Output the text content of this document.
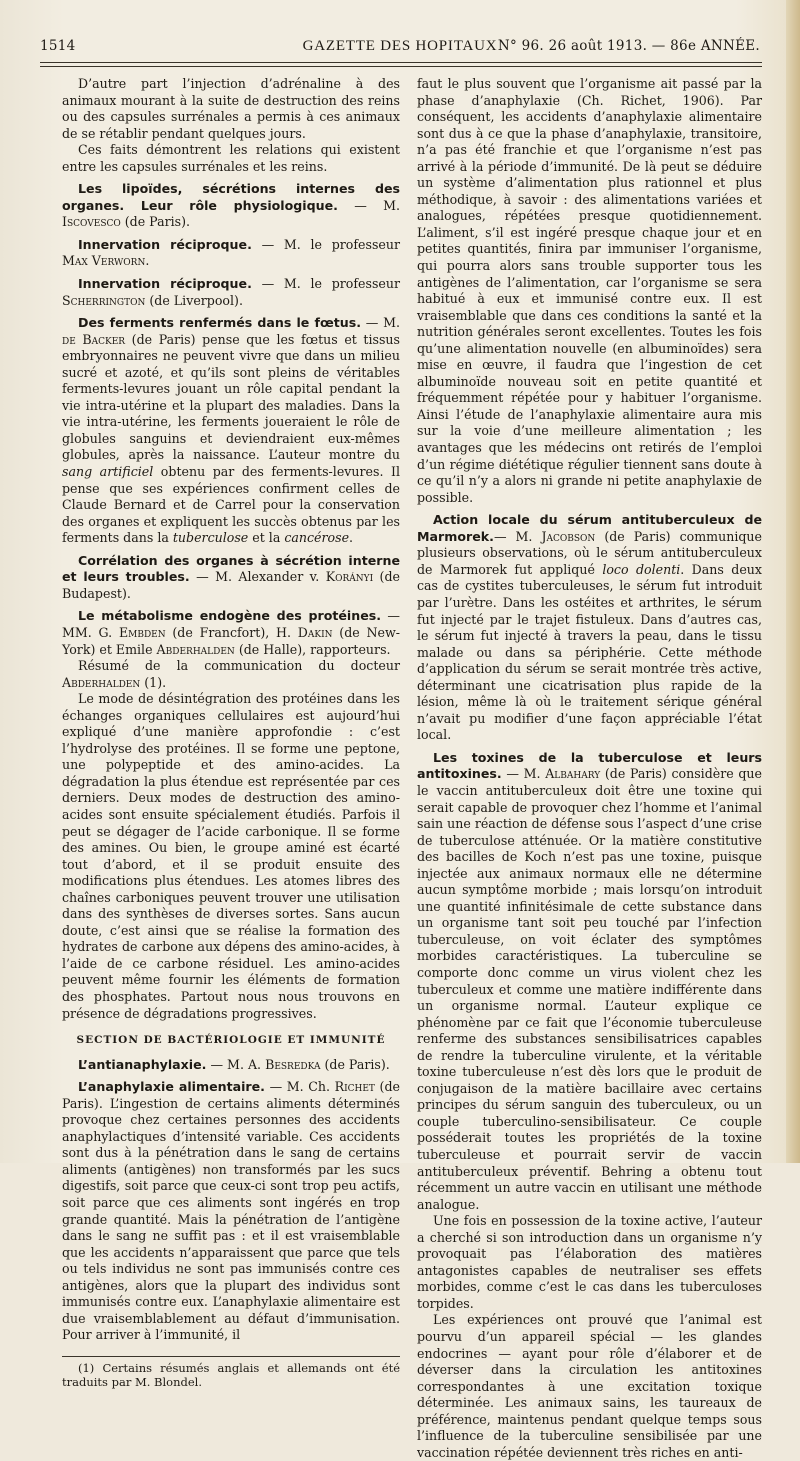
1514	GAZETTE DES HOPITAUX N° 96. 26 août 1913. — 86e ANNÉE.

D’autre part l’injection d’adrénaline à des animaux mourant à la suite de destruction des reins ou des capsules surrénales a permis à ces animaux de se rétablir pendant quelques jours.

Ces faits démontrent les relations qui existent entre les capsules surrénales et les reins.

Les lipoïdes, sécrétions internes des organes. Leur rôle physiologique. — M. Iscovesco (de Paris).

Innervation réciproque. — M. le professeur Max Verworn.

Innervation réciproque. — M. le professeur Scherrington (de Liverpool).

Des ferments renfermés dans le fœtus. — M. de Backer (de Paris) pense que les fœtus et tissus embryonnaires ne peuvent vivre que dans un milieu sucré et azoté, et qu’ils sont pleins de véritables ferments-levures jouant un rôle capital pendant la vie intra-utérine et la plupart des maladies. Dans la vie intra-utérine, les ferments joueraient le rôle de globules sanguins et deviendraient eux-mêmes globules, après la naissance. L’auteur montre du sang artificiel obtenu par des ferments-levures. Il pense que ses expériences confirment celles de Claude Bernard et de Carrel pour la conservation des organes et expliquent les succès obtenus par les ferments dans la tuberculose et la cancérose.

Corrélation des organes à sécrétion interne et leurs troubles. — M. Alexander v. Korányi (de Budapest).

Le métabolisme endogène des protéines. — MM. G. Embden (de Francfort), H. Dakin (de New-York) et Emile Abderhalden (de Halle), rapporteurs.

Résumé de la communication du docteur Abderhalden (1).

Le mode de désintégration des protéines dans les échanges organiques cellulaires est aujourd’hui expliqué d’une manière approfondie : c’est l’hydrolyse des protéines. Il se forme une peptone, une polypeptide et des amino-acides. La dégradation la plus étendue est représentée par ces derniers. Deux modes de destruction des amino-acides sont ensuite spécialement étudiés. Parfois il peut se dégager de l’acide carbonique. Il se forme des amines. Ou bien, le groupe aminé est écarté tout d’abord, et il se produit ensuite des modifications plus étendues. Les atomes libres des chaînes carboniques peuvent trouver une utilisation dans des synthèses de diverses sortes. Sans aucun doute, c’est ainsi que se réalise la formation des hydrates de carbone aux dépens des amino-acides, à l’aide de ce carbone résiduel. Les amino-acides peuvent même fournir les éléments de formation des phosphates. Partout nous nous trouvons en présence de dégradations progressives.

SECTION DE BACTÉRIOLOGIE ET IMMUNITÉ

L’antianaphylaxie. — M. A. Besredka (de Paris).

L’anaphylaxie alimentaire. — M. Ch. Richet (de Paris). L’ingestion de certains aliments déterminés provoque chez certaines personnes des accidents anaphylactiques d’intensité variable. Ces accidents sont dus à la pénétration dans le sang de certains aliments (antigènes) non transformés par les sucs digestifs, soit parce que ceux-ci sont trop peu actifs, soit parce que ces aliments sont ingérés en trop grande quantité. Mais la pénétration de l’antigène dans le sang ne suffit pas : et il est vraisemblable que les accidents n’apparaissent que parce que tels ou tels individus ne sont pas immunisés contre ces antigènes, alors que la plupart des individus sont immunisés contre eux. L’anaphylaxie alimentaire est due vraisemblablement au défaut d’immunisation. Pour arriver à l’immunité, il

(1) Certains résumés anglais et allemands ont été traduits par M. Blondel.

faut le plus souvent que l’organisme ait passé par la phase d’anaphylaxie (Ch. Richet, 1906). Par conséquent, les accidents d’anaphylaxie alimentaire sont dus à ce que la phase d’anaphylaxie, transitoire, n’a pas été franchie et que l’organisme n’est pas arrivé à la période d’immunité. De là peut se déduire un système d’alimentation plus rationnel et plus méthodique, à savoir : des alimentations variées et analogues, répétées presque quotidiennement. L’aliment, s’il est ingéré presque chaque jour et en petites quantités, finira par immuniser l’organisme, qui pourra alors sans trouble supporter tous les antigènes de l’alimentation, car l’organisme se sera habitué à eux et immunisé contre eux. Il est vraisemblable que dans ces conditions la santé et la nutrition générales seront excellentes. Toutes les fois qu’une alimentation nouvelle (en albuminoïdes) sera mise en œuvre, il faudra que l’ingestion de cet albuminoïde nouveau soit en petite quantité et fréquemment répétée pour y habituer l’organisme. Ainsi l’étude de l’anaphylaxie alimentaire aura mis sur la voie d’une meilleure alimentation ; les avantages que les médecins ont retirés de l’emploi d’un régime diététique régulier tiennent sans doute à ce qu’il n’y a alors ni grande ni petite anaphylaxie de possible.

Action locale du sérum antituberculeux de Marmorek.— M. Jacobson (de Paris) communique plusieurs observations, où le sérum antituberculeux de Marmorek fut appliqué loco dolenti. Dans deux cas de cystites tuberculeuses, le sérum fut introduit par l’urètre. Dans les ostéites et arthrites, le sérum fut injecté par le trajet fistuleux. Dans d’autres cas, le sérum fut injecté à travers la peau, dans le tissu malade ou dans sa périphérie. Cette méthode d’application du sérum se serait montrée très active, déterminant une cicatrisation plus rapide de la lésion, même là où le traitement sérique général n’avait pu modifier d’une façon appréciable l’état local.

Les toxines de la tuberculose et leurs antitoxines. — M. Albahary (de Paris) considère que le vaccin antituberculeux doit être une toxine qui serait capable de provoquer chez l’homme et l’animal sain une réaction de défense sous l’aspect d’une crise de tuberculose atténuée. Or la matière constitutive des bacilles de Koch n’est pas une toxine, puisque injectée aux animaux normaux elle ne détermine aucun symptôme morbide ; mais lorsqu’on introduit une quantité infinitésimale de cette substance dans un organisme tant soit peu touché par l’infection tuberculeuse, on voit éclater des symptômes morbides caractéristiques. La tuberculine se comporte donc comme un virus violent chez les tuberculeux et comme une matière indifférente dans un organisme normal. L’auteur explique ce phénomène par ce fait que l’économie tuberculeuse renferme des substances sensibilisatrices capables de rendre la tuberculine virulente, et la véritable toxine tuberculeuse n’est dès lors que le produit de conjugaison de la matière bacillaire avec certains principes du sérum sanguin des tuberculeux, ou un couple tuberculino-sensibilisateur. Ce couple posséderait toutes les propriétés de la toxine tuberculeuse et pourrait servir de vaccin antituberculeux préventif. Behring a obtenu tout récemment un autre vaccin en utilisant une méthode analogue.

Une fois en possession de la toxine active, l’auteur a cherché si son introduction dans un organisme n’y provoquait pas l’élaboration des matières antagonistes capables de neutraliser ses effets morbides, comme c’est le cas dans les tuberculoses torpides.

Les expériences ont prouvé que l’animal est pourvu d’un appareil spécial — les glandes endocrines — ayant pour rôle d’élaborer et de déverser dans la circulation les antitoxines correspondantes à une excitation toxique déterminée. Les animaux sains, les taureaux de préférence, maintenus pendant quelque temps sous l’influence de la tuberculine sensibilisée par une vaccination répétée deviennent très riches en anti-
